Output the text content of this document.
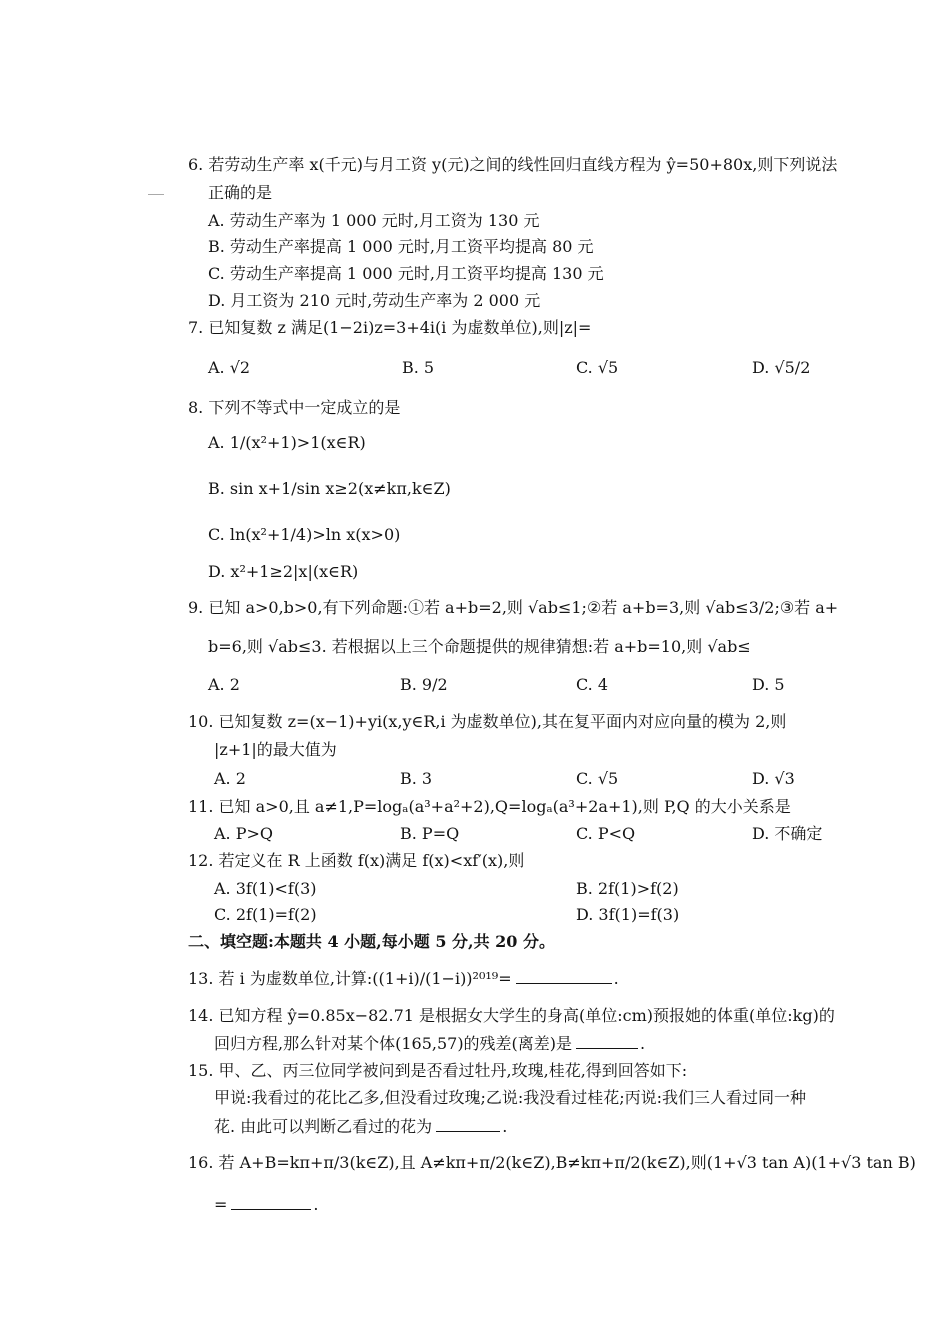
6. 若劳动生产率 x(千元)与月工资 y(元)之间的线性回归直线方程为 ŷ=50+80x,则下列说法
正确的是
A. 劳动生产率为 1 000 元时,月工资为 130 元
B. 劳动生产率提高 1 000 元时,月工资平均提高 80 元
C. 劳动生产率提高 1 000 元时,月工资平均提高 130 元
D. 月工资为 210 元时,劳动生产率为 2 000 元
7. 已知复数 z 满足(1−2i)z=3+4i(i 为虚数单位),则|z|=
A. √2	B. 5	C. √5	D. √5/2
8. 下列不等式中一定成立的是
A. 1/(x²+1)>1(x∈R)
B. sin x+1/sin x≥2(x≠kπ,k∈Z)
C. ln(x²+1/4)>ln x(x>0)
D. x²+1≥2|x|(x∈R)
9. 已知 a>0,b>0,有下列命题:①若 a+b=2,则 √ab≤1;②若 a+b=3,则 √ab≤3/2;③若 a+
b=6,则 √ab≤3. 若根据以上三个命题提供的规律猜想:若 a+b=10,则 √ab≤
A. 2	B. 9/2	C. 4	D. 5
10. 已知复数 z=(x−1)+yi(x,y∈R,i 为虚数单位),其在复平面内对应向量的模为 2,则
|z+1|的最大值为
A. 2	B. 3	C. √5	D. √3
11. 已知 a>0,且 a≠1,P=logₐ(a³+a²+2),Q=logₐ(a³+2a+1),则 P,Q 的大小关系是
A. P>Q	B. P=Q	C. P<Q	D. 不确定
12. 若定义在 R 上函数 f(x)满足 f(x)<xf′(x),则
A. 3f(1)<f(3)	B. 2f(1)>f(2)
C. 2f(1)=f(2)	D. 3f(1)=f(3)
二、填空题:本题共 4 小题,每小题 5 分,共 20 分。
13. 若 i 为虚数单位,计算:((1+i)/(1−i))²⁰¹⁹=	.
14. 已知方程 ŷ=0.85x−82.71 是根据女大学生的身高(单位:cm)预报她的体重(单位:kg)的
回归方程,那么针对某个体(165,57)的残差(离差)是	.
15. 甲、乙、丙三位同学被问到是否看过牡丹,玫瑰,桂花,得到回答如下:
甲说:我看过的花比乙多,但没看过玫瑰;乙说:我没看过桂花;丙说:我们三人看过同一种
花. 由此可以判断乙看过的花为	.
16. 若 A+B=kπ+π/3(k∈Z),且 A≠kπ+π/2(k∈Z),B≠kπ+π/2(k∈Z),则(1+√3 tan A)(1+√3 tan B)
=	.
